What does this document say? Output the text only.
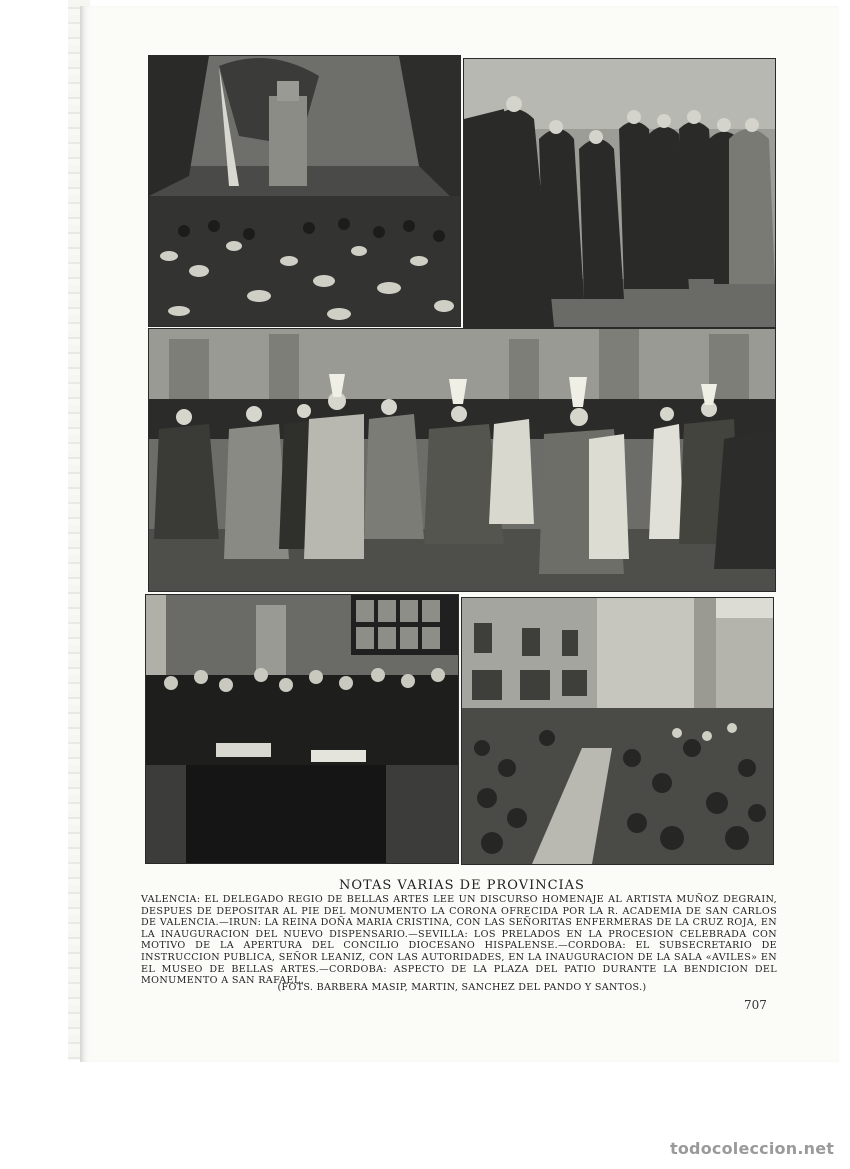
NOTAS VARIAS DE PROVINCIAS
VALENCIA: EL DELEGADO REGIO DE BELLAS ARTES LEE UN DISCURSO HOMENAJE AL ARTISTA MUÑOZ DEGRAIN, DESPUES DE DEPOSITAR AL PIE DEL MONUMENTO LA CORONA OFRECIDA POR LA R. ACADEMIA DE SAN CARLOS DE VALENCIA.—IRUN: LA REINA DOÑA MARIA CRISTINA, CON LAS SEÑORITAS ENFERMERAS DE LA CRUZ ROJA, EN LA INAUGURACION DEL NUEVO DISPENSARIO.—SEVILLA: LOS PRELADOS EN LA PROCESION CELEBRADA CON MOTIVO DE LA APERTURA DEL CONCILIO DIOCESANO HISPALENSE.—CORDOBA: EL SUBSECRETARIO DE INSTRUCCION PUBLICA, SEÑOR LEANIZ, CON LAS AUTORIDADES, EN LA INAUGURACION DE LA SALA «AVILES» EN EL MUSEO DE BELLAS ARTES.—CORDOBA: ASPECTO DE LA PLAZA DEL PATIO DURANTE LA BENDICION DEL MONUMENTO A SAN RAFAEL.
(FOTS. BARBERA MASIP, MARTIN, SANCHEZ DEL PANDO Y SANTOS.)
707
todocoleccion.net
